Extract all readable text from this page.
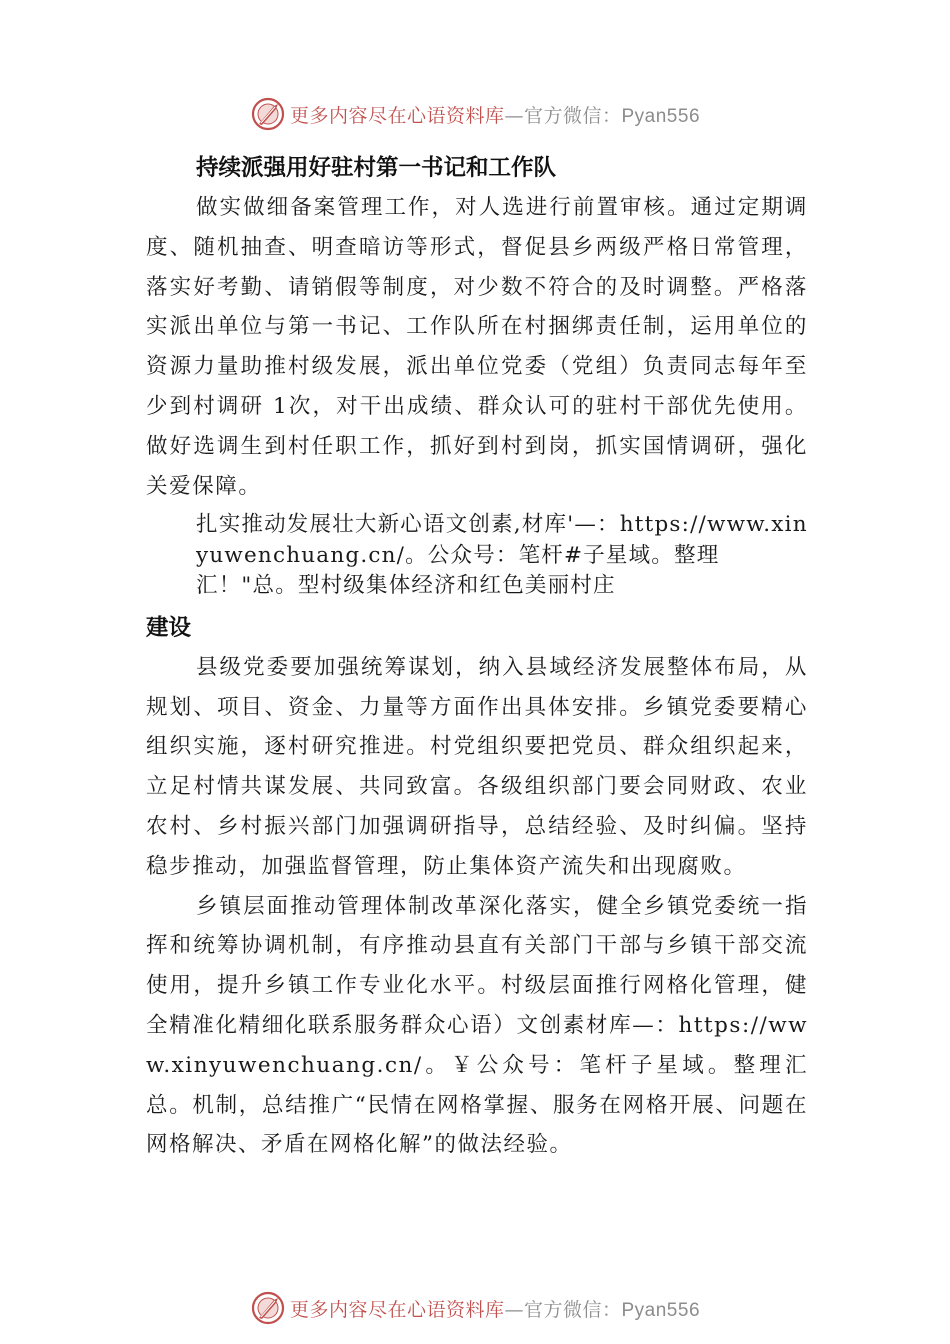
更多内容尽在心语资料库—官方微信：Pyan556
持续派强用好驻村第一书记和工作队

做实做细备案管理工作，对人选进行前置审核。通过定期调度、随机抽查、明查暗访等形式，督促县乡两级严格日常管理，落实好考勤、请销假等制度，对少数不符合的及时调整。严格落实派出单位与第一书记、工作队所在村捆绑责任制，运用单位的资源力量助推村级发展，派出单位党委（党组）负责同志每年至少到村调研 1次，对干出成绩、群众认可的驻村干部优先使用。做好选调生到村任职工作，抓好到村到岗，抓实国情调研，强化关爱保障。

扎实推动发展壮大新心语文创素,材库'—：https://www.xinyuwenchuang.cn/。公众号：笔杆#子星域。整理汇！"总。型村级集体经济和红色美丽村庄

建设

县级党委要加强统筹谋划，纳入县域经济发展整体布局，从规划、项目、资金、力量等方面作出具体安排。乡镇党委要精心组织实施，逐村研究推进。村党组织要把党员、群众组织起来，立足村情共谋发展、共同致富。各级组织部门要会同财政、农业农村、乡村振兴部门加强调研指导，总结经验、及时纠偏。坚持稳步推动，加强监督管理，防止集体资产流失和出现腐败。

乡镇层面推动管理体制改革深化落实，健全乡镇党委统一指挥和统筹协调机制，有序推动县直有关部门干部与乡镇干部交流使用，提升乡镇工作专业化水平。村级层面推行网格化管理，健全精准化精细化联系服务群众心语）文创素材库—：https://www.xinyuwenchuang.cn/。￥公众号：笔杆子星域。整理汇总。机制，总结推广“民情在网格掌握、服务在网格开展、问题在网格解决、矛盾在网格化解”的做法经验。

更多内容尽在心语资料库—官方微信：Pyan556
